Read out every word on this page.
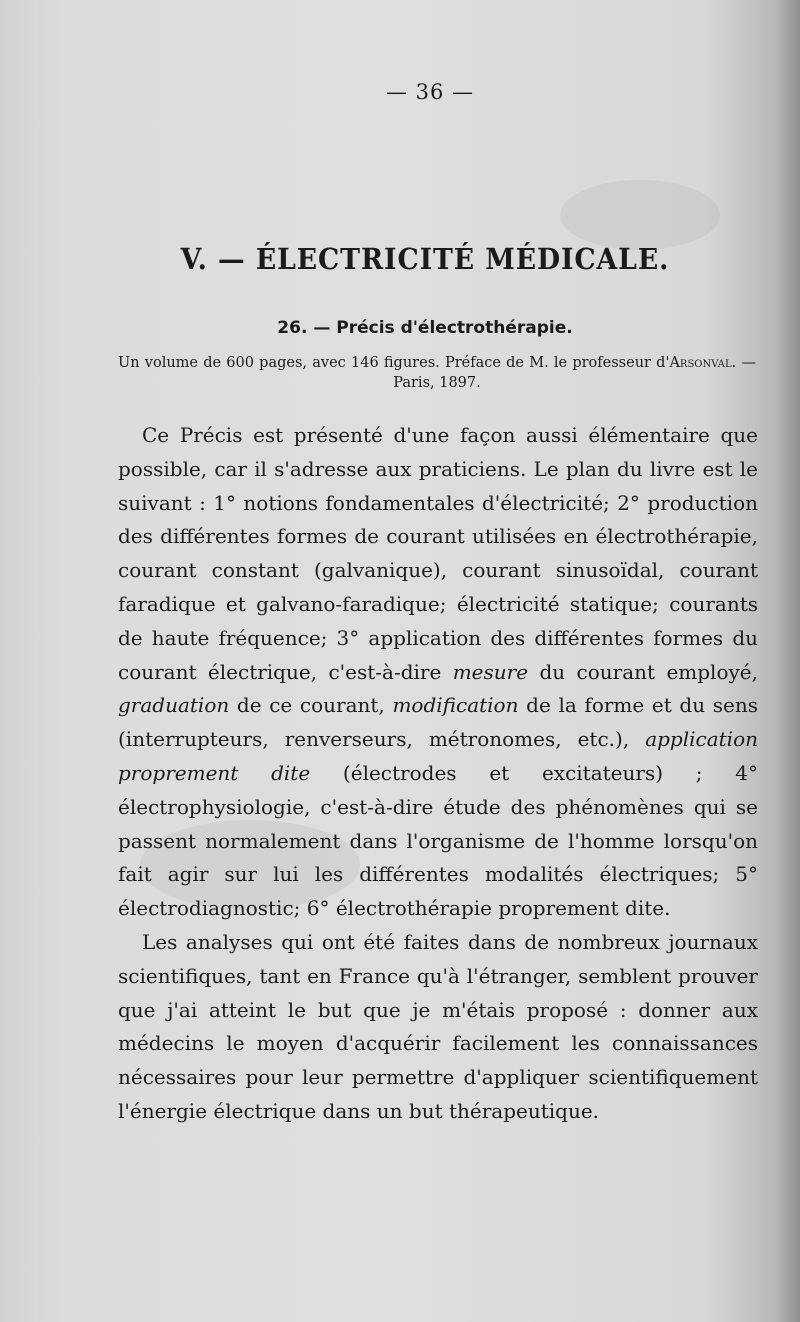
— 36 —
V. — ÉLECTRICITÉ MÉDICALE.
26. — Précis d'électrothérapie.
Un volume de 600 pages, avec 146 figures. Préface de M. le professeur d'Arsonval. — Paris, 1897.

Ce Précis est présenté d'une façon aussi élémentaire que possible, car il s'adresse aux praticiens. Le plan du livre est le suivant : 1° notions fondamentales d'électricité; 2° production des différentes formes de courant utilisées en électrothérapie, courant constant (galvanique), courant sinusoïdal, courant faradique et galvano-faradique; électricité statique; courants de haute fréquence; 3° application des différentes formes du courant électrique, c'est-à-dire mesure du courant employé, graduation de ce courant, modification de la forme et du sens (interrupteurs, renverseurs, métronomes, etc.), application proprement dite (électrodes et excitateurs) ; 4° électrophysiologie, c'est-à-dire étude des phénomènes qui se passent normalement dans l'organisme de l'homme lorsqu'on fait agir sur lui les différentes modalités électriques; 5° électrodiagnostic; 6° électrothérapie proprement dite.

Les analyses qui ont été faites dans de nombreux journaux scientifiques, tant en France qu'à l'étranger, semblent prouver que j'ai atteint le but que je m'étais proposé : donner aux médecins le moyen d'acquérir facilement les connaissances nécessaires pour leur permettre d'appliquer scientifiquement l'énergie électrique dans un but thérapeutique.
